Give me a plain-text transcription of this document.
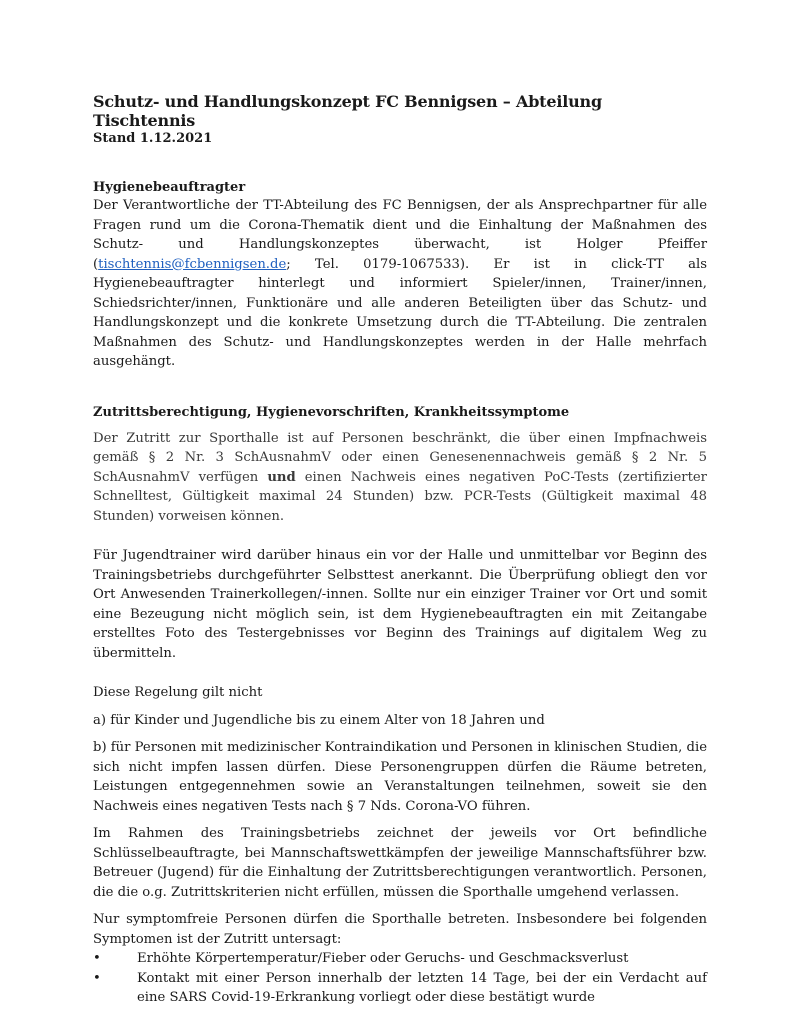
Schutz- und Handlungskonzept FC Bennigsen – Abteilung Tischtennis
Stand 1.12.2021
Hygienebeauftragter

Der Verantwortliche der TT-Abteilung des FC Bennigsen, der als Ansprechpartner für alle Fragen rund um die Corona-Thematik dient und die Einhaltung der Maßnahmen des Schutz- und Handlungskonzeptes überwacht, ist Holger Pfeiffer (tischtennis@fcbennigsen.de; Tel. 0179-1067533). Er ist in click-TT als Hygienebeauftragter hinterlegt und informiert Spieler/innen, Trainer/innen, Schiedsrichter/innen, Funktionäre und alle anderen Beteiligten über das Schutz- und Handlungskonzept und die konkrete Umsetzung durch die TT-Abteilung. Die zentralen Maßnahmen des Schutz- und Handlungskonzeptes werden in der Halle mehrfach ausgehängt.

Zutrittsberechtigung, Hygienevorschriften, Krankheitssymptome

Der Zutritt zur Sporthalle ist auf Personen beschränkt, die über einen Impfnachweis gemäß § 2 Nr. 3 SchAusnahmV oder einen Genesenennachweis gemäß § 2 Nr. 5 SchAusnahmV verfügen und einen Nachweis eines negativen PoC-Tests (zertifizierter Schnelltest, Gültigkeit maximal 24 Stunden) bzw. PCR-Tests (Gültigkeit maximal 48 Stunden) vorweisen können.

Für Jugendtrainer wird darüber hinaus ein vor der Halle und unmittelbar vor Beginn des Trainingsbetriebs durchgeführter Selbsttest anerkannt. Die Überprüfung obliegt den vor Ort Anwesenden Trainerkollegen/-innen. Sollte nur ein einziger Trainer vor Ort und somit eine Bezeugung nicht möglich sein, ist dem Hygienebeauftragten ein mit Zeitangabe erstelltes Foto des Testergebnisses vor Beginn des Trainings auf digitalem Weg zu übermitteln.

Diese Regelung gilt nicht

a) für Kinder und Jugendliche bis zu einem Alter von 18 Jahren und

b) für Personen mit medizinischer Kontraindikation und Personen in klinischen Studien, die sich nicht impfen lassen dürfen. Diese Personengruppen dürfen die Räume betreten, Leistungen entgegennehmen sowie an Veranstaltungen teilnehmen, soweit sie den Nachweis eines negativen Tests nach § 7 Nds. Corona-VO führen.

Im Rahmen des Trainingsbetriebs zeichnet der jeweils vor Ort befindliche Schlüsselbeauftragte, bei Mannschaftswettkämpfen der jeweilige Mannschaftsführer bzw. Betreuer (Jugend) für die Einhaltung der Zutrittsberechtigungen verantwortlich. Personen, die die o.g. Zutrittskriterien nicht erfüllen, müssen die Sporthalle umgehend verlassen.

Nur symptomfreie Personen dürfen die Sporthalle betreten. Insbesondere bei folgenden Symptomen ist der Zutritt untersagt:

• Erhöhte Körpertemperatur/Fieber oder Geruchs- und Geschmacksverlust
• Kontakt mit einer Person innerhalb der letzten 14 Tage, bei der ein Verdacht auf eine SARS Covid-19-Erkrankung vorliegt oder diese bestätigt wurde
